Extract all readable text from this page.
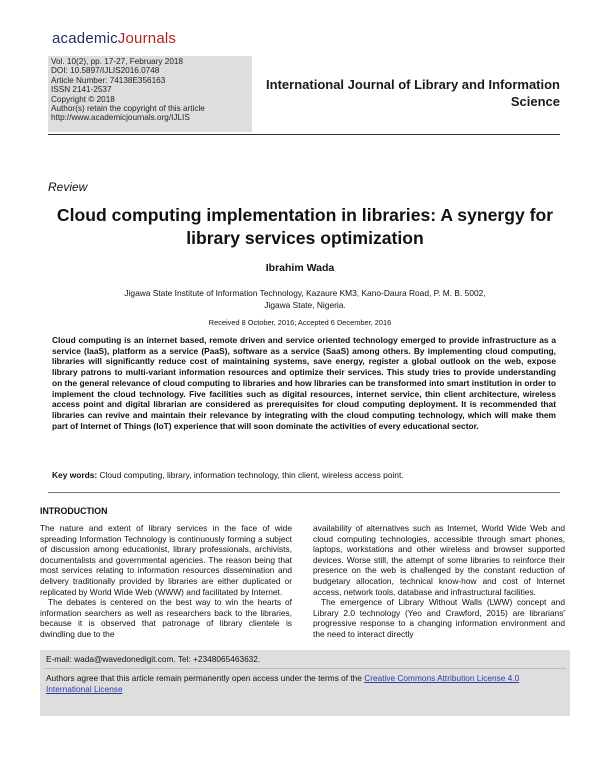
academicJournals
Vol. 10(2), pp. 17-27, February 2018
DOI: 10.5897/IJLIS2016.0748
Article Number: 74138E356163
ISSN 2141-2537
Copyright © 2018
Author(s) retain the copyright of this article
http://www.academicjournals.org/IJLIS
International Journal of Library and Information Science
Review
Cloud computing implementation in libraries: A synergy for library services optimization
Ibrahim Wada
Jigawa State Institute of Information Technology, Kazaure KM3, Kano-Daura Road, P. M. B. 5002,
Jigawa State, Nigeria.
Received 8 October, 2016; Accepted 6 December, 2016
Cloud computing is an internet based, remote driven and service oriented technology emerged to provide infrastructure as a service (IaaS), platform as a service (PaaS), software as a service (SaaS) among others. By implementing cloud computing, libraries will significantly reduce cost of maintaining systems, save energy, register a global outlook on the web, expose library patrons to multi-variant information resources and optimize their services. This study tries to provide understanding on the general relevance of cloud computing to libraries and how libraries can be transformed into smart institution in order to implement the cloud technology. Five facilities such as digital resources, internet service, thin client architecture, wireless access point and digital librarian are considered as prerequisites for cloud computing deployment. It is recommended that libraries can revive and maintain their relevance by integrating with the cloud computing technology, which will make them part of Internet of Things (IoT) experience that will soon dominate the activities of every educational sector.
Key words: Cloud computing, library, information technology, thin client, wireless access point.
INTRODUCTION

The nature and extent of library services in the face of wide spreading Information Technology is continuously forming a subject of discussion among educationist, library professionals, archivists, documentalists and governmental agencies. The reason being that most services relating to information resources dissemination and delivery traditionally provided by libraries are either duplicated or replicated by World Wide Web (WWW) and facilitated by Internet.

The debates is centered on the best way to win the hearts of information searchers as well as researchers back to the libraries, because it is observed that patronage of library clientele is dwindling due to the

availability of alternatives such as Internet, World Wide Web and cloud computing technologies, accessible through smart phones, laptops, workstations and other wireless and browser supported devices. Worse still, the attempt of some libraries to reinforce their presence on the web is challenged by the constant reduction of budgetary allocation, technical know-how and cost of Internet access, network tools, database and infrastructural facilities.

The emergence of Library Without Walls (LWW) concept and Library 2.0 technology (Yeo and Crawford, 2015) are librarians' progressive response to a changing information environment and the need to interact directly

E-mail: wada@wavedonedigit.com. Tel: +2348065463632.
Authors agree that this article remain permanently open access under the terms of the Creative Commons Attribution License 4.0 International License
